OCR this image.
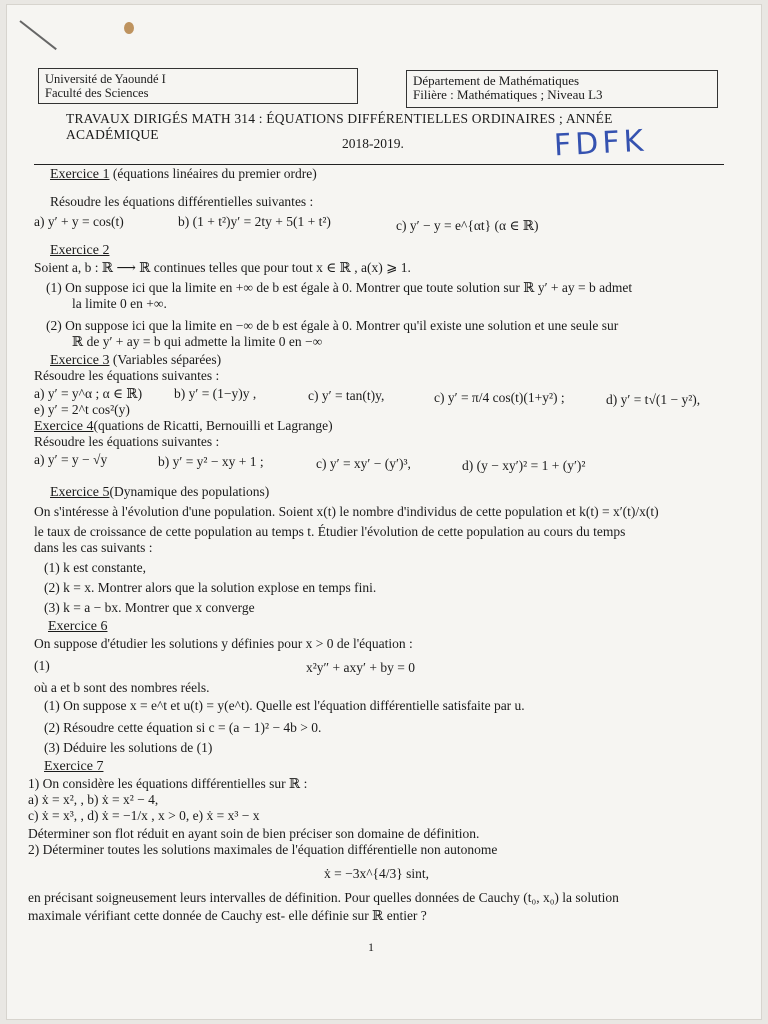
Université de Yaoundé I
Faculté des Sciences
Département de Mathématiques
Filière : Mathématiques ; Niveau L3
TRAVAUX DIRIGÉS MATH 314 : ÉQUATIONS DIFFÉRENTIELLES ORDINAIRES ; ANNÉE ACADÉMIQUE
2018-2019.	FDFK
Exercice 1 (équations linéaires du premier ordre)
Résoudre les équations différentielles suivantes :
a) y′ + y = cos(t)	b) (1 + t²)y′ = 2ty + 5(1 + t²)	c) y′ − y = e^{αt} (α ∈ ℝ)
Exercice 2
Soient a, b : ℝ ⟶ ℝ continues telles que pour tout x ∈ ℝ , a(x) ⩾ 1.
(1) On suppose ici que la limite en +∞ de b est égale à 0. Montrer que toute solution sur ℝ y′ + ay = b admet
la limite 0 en +∞.
(2) On suppose ici que la limite en −∞ de b est égale à 0. Montrer qu'il existe une solution et une seule sur
ℝ de y′ + ay = b qui admette la limite 0 en −∞
Exercice 3 (Variables séparées)
Résoudre les équations suivantes :
a) y′ = y^α ; α ∈ ℝ) b) y′ = (1−y)y ,	c) y′ = tan(t)y,	c) y′ = π/4 cos(t)(1+y²) ;	d) y′ = t√(1 − y²),
e) y′ = 2^t cos²(y)
Exercice 4(quations de Ricatti, Bernouilli et Lagrange)
Résoudre les équations suivantes :
a) y′ = y − √y	b) y′ = y² − xy + 1 ;	c) y′ = xy′ − (y′)³,	d) (y − xy′)² = 1 + (y′)²
Exercice 5(Dynamique des populations)
On s'intéresse à l'évolution d'une population. Soient x(t) le nombre d'individus de cette population et k(t) = x′(t)/x(t)
le taux de croissance de cette population au temps t. Étudier l'évolution de cette population au cours du temps
dans les cas suivants :
(1) k est constante,
(2) k = x. Montrer alors que la solution explose en temps fini.
(3) k = a − bx. Montrer que x converge
Exercice 6
On suppose d'étudier les solutions y définies pour x > 0 de l'équation :
(1)	x²y″ + axy′ + by = 0
où a et b sont des nombres réels.
(1) On suppose x = e^t et u(t) = y(e^t). Quelle est l'équation différentielle satisfaite par u.
(2) Résoudre cette équation si c = (a − 1)² − 4b > 0.
(3) Déduire les solutions de (1)
Exercice 7
1) On considère les équations différentielles sur ℝ :
a) ẋ = x², , b) ẋ = x² − 4,
c) ẋ = x³, , d) ẋ = −1/x , x > 0, e) ẋ = x³ − x
Déterminer son flot réduit en ayant soin de bien préciser son domaine de définition.
2) Déterminer toutes les solutions maximales de l'équation différentielle non autonome
ẋ = −3x^{4/3} sint,
en précisant soigneusement leurs intervalles de définition. Pour quelles données de Cauchy (t₀, x₀) la solution
maximale vérifiant cette donnée de Cauchy est- elle définie sur ℝ entier ?
1
